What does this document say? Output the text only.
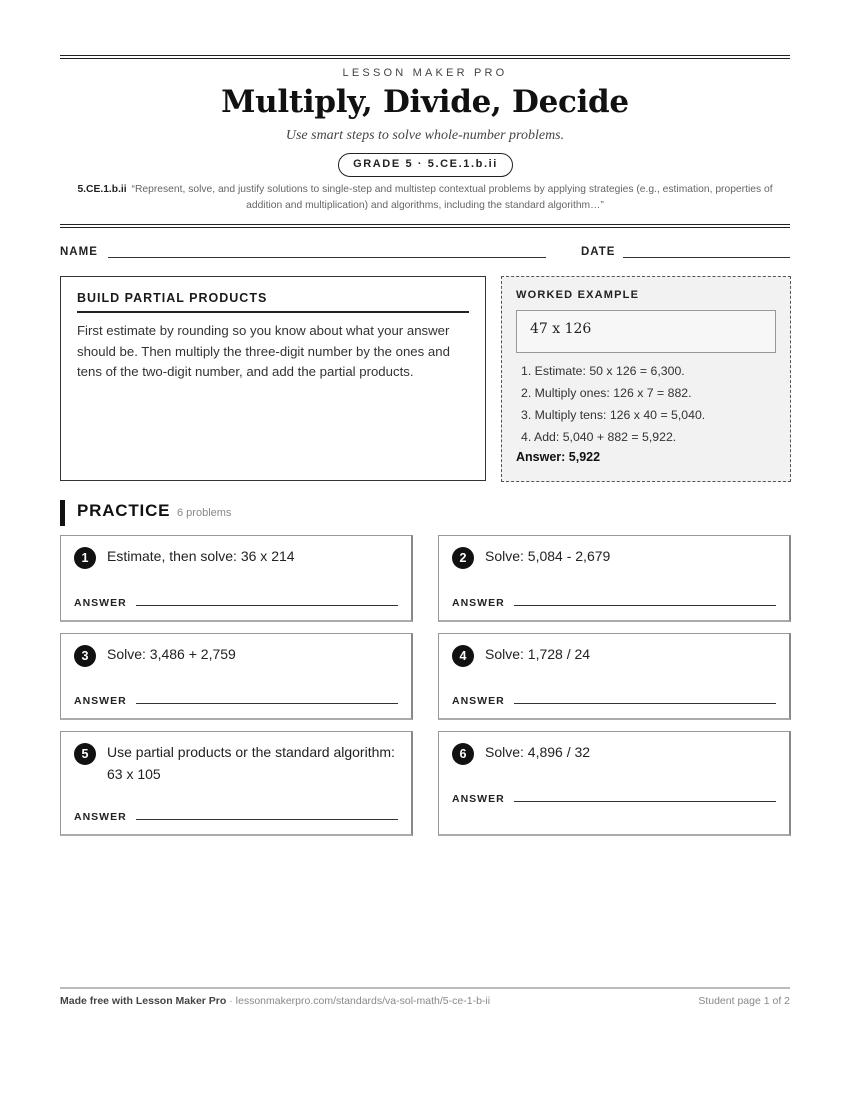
LESSON MAKER PRO
Multiply, Divide, Decide
Use smart steps to solve whole-number problems.
GRADE 5 · 5.CE.1.b.ii
5.CE.1.b.ii “Represent, solve, and justify solutions to single-step and multistep contextual problems by applying strategies (e.g., estimation, properties of addition and multiplication) and algorithms, including the standard algorithm…”
NAME	DATE
BUILD PARTIAL PRODUCTS
First estimate by rounding so you know about what your answer should be. Then multiply the three-digit number by the ones and tens of the two-digit number, and add the partial products.
WORKED EXAMPLE
47 x 126
1. Estimate: 50 x 126 = 6,300.
2. Multiply ones: 126 x 7 = 882.
3. Multiply tens: 126 x 40 = 5,040.
4. Add: 5,040 + 882 = 5,922.
Answer: 5,922
PRACTICE 6 problems
1	Estimate, then solve: 36 x 214
ANSWER
2	Solve: 5,084 - 2,679
ANSWER
3	Solve: 3,486 + 2,759
ANSWER
4	Solve: 1,728 / 24
ANSWER
5	Use partial products or the standard algorithm: 63 x 105
ANSWER
6	Solve: 4,896 / 32
ANSWER
Made free with Lesson Maker Pro · lessonmakerpro.com/standards/va-sol-math/5-ce-1-b-ii	Student page 1 of 2
